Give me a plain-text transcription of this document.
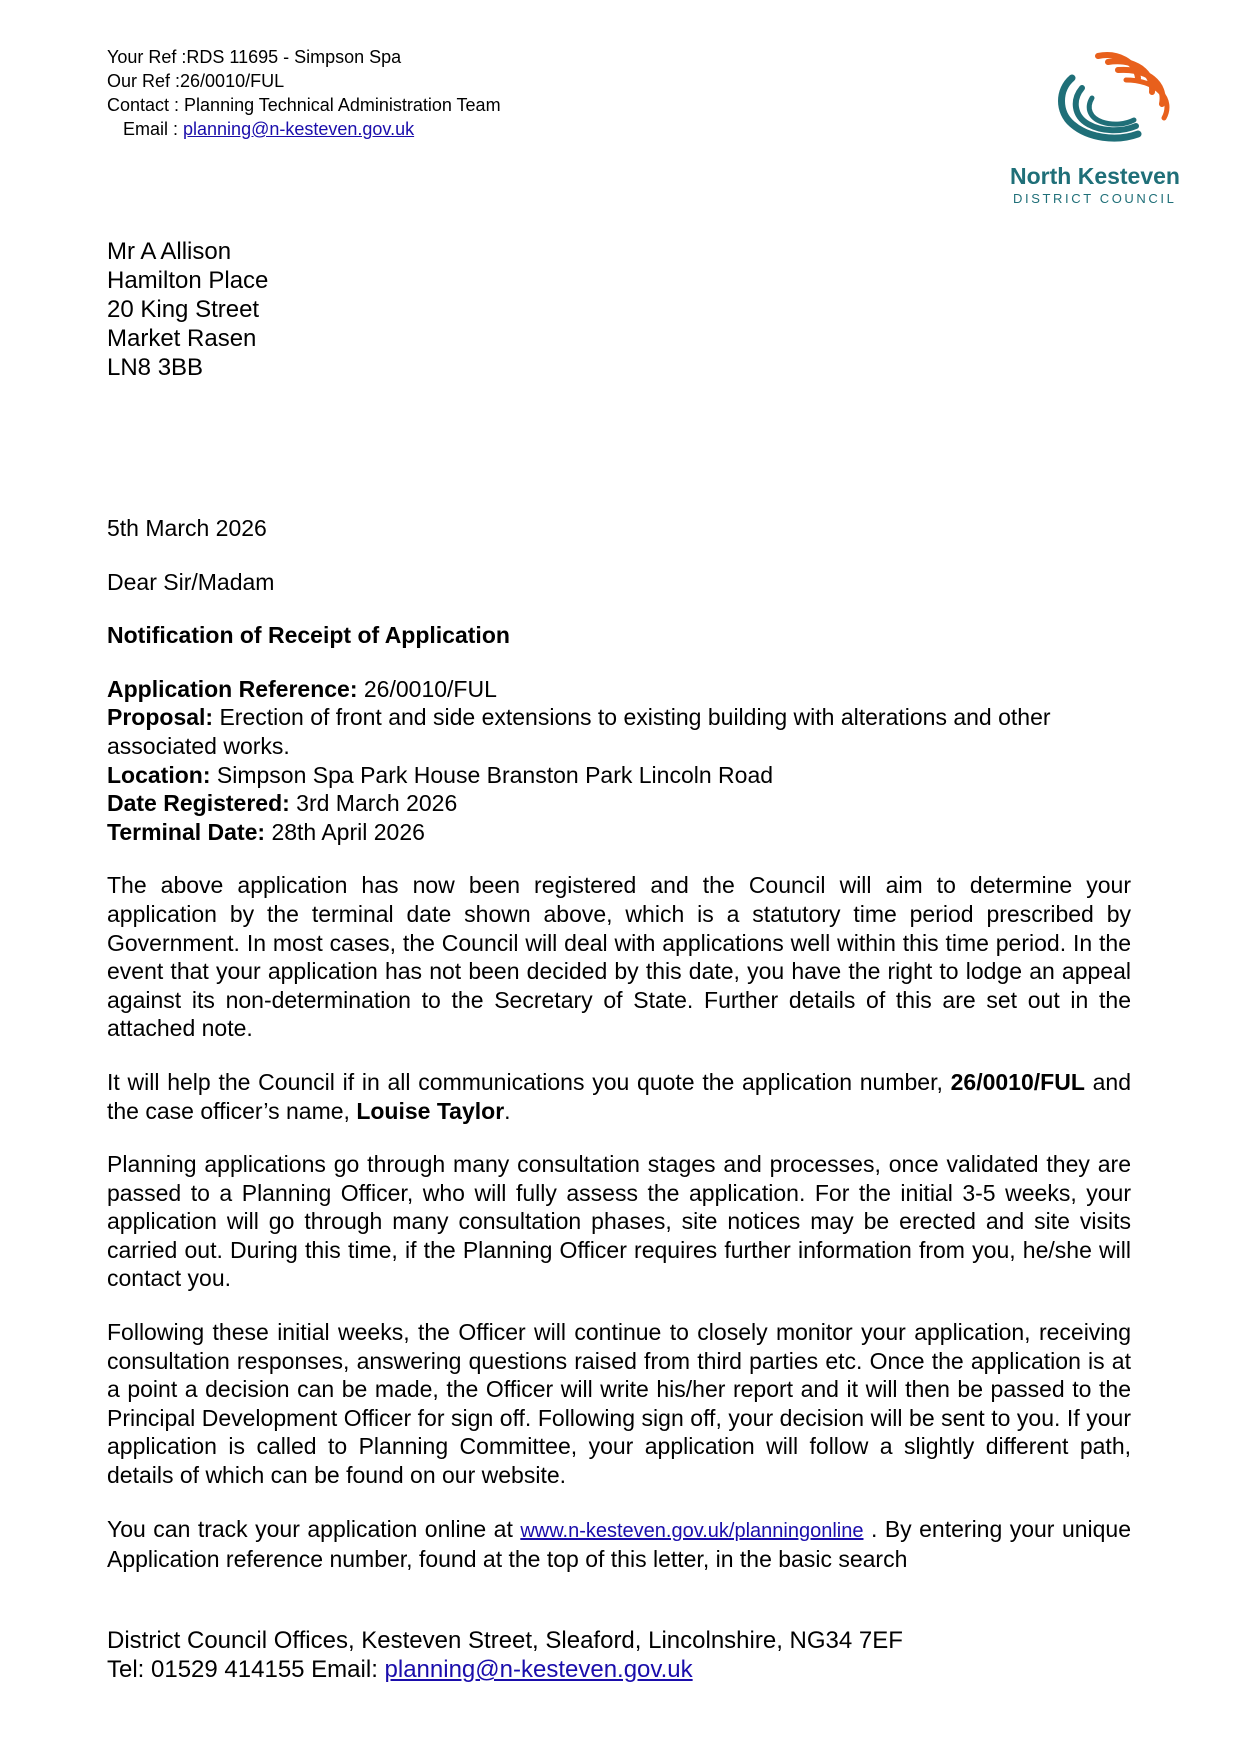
Your Ref :RDS 11695 - Simpson Spa
Our Ref :26/0010/FUL
Contact : Planning Technical Administration Team
Email : planning@n-kesteven.gov.uk
North Kesteven
DISTRICT COUNCIL
Mr A Allison
Hamilton Place
20 King Street
Market Rasen
LN8 3BB

5th March 2026

Dear Sir/Madam

Notification of Receipt of Application

Application Reference: 26/0010/FUL
Proposal: Erection of front and side extensions to existing building with alterations and other associated works.
Location: Simpson Spa Park House Branston Park Lincoln Road
Date Registered: 3rd March 2026
Terminal Date: 28th April 2026

The above application has now been registered and the Council will aim to determine your application by the terminal date shown above, which is a statutory time period prescribed by Government. In most cases, the Council will deal with applications well within this time period. In the event that your application has not been decided by this date, you have the right to lodge an appeal against its non-determination to the Secretary of State. Further details of this are set out in the attached note.

It will help the Council if in all communications you quote the application number, 26/0010/FUL and the case officer’s name, Louise Taylor.

Planning applications go through many consultation stages and processes, once validated they are passed to a Planning Officer, who will fully assess the application. For the initial 3-5 weeks, your application will go through many consultation phases, site notices may be erected and site visits carried out. During this time, if the Planning Officer requires further information from you, he/she will contact you.

Following these initial weeks, the Officer will continue to closely monitor your application, receiving consultation responses, answering questions raised from third parties etc. Once the application is at a point a decision can be made, the Officer will write his/her report and it will then be passed to the Principal Development Officer for sign off. Following sign off, your decision will be sent to you. If your application is called to Planning Committee, your application will follow a slightly different path, details of which can be found on our website.

You can track your application online at www.n-kesteven.gov.uk/planningonline . By entering your unique Application reference number, found at the top of this letter, in the basic search

District Council Offices, Kesteven Street, Sleaford, Lincolnshire, NG34 7EF
Tel: 01529 414155 Email: planning@n-kesteven.gov.uk
